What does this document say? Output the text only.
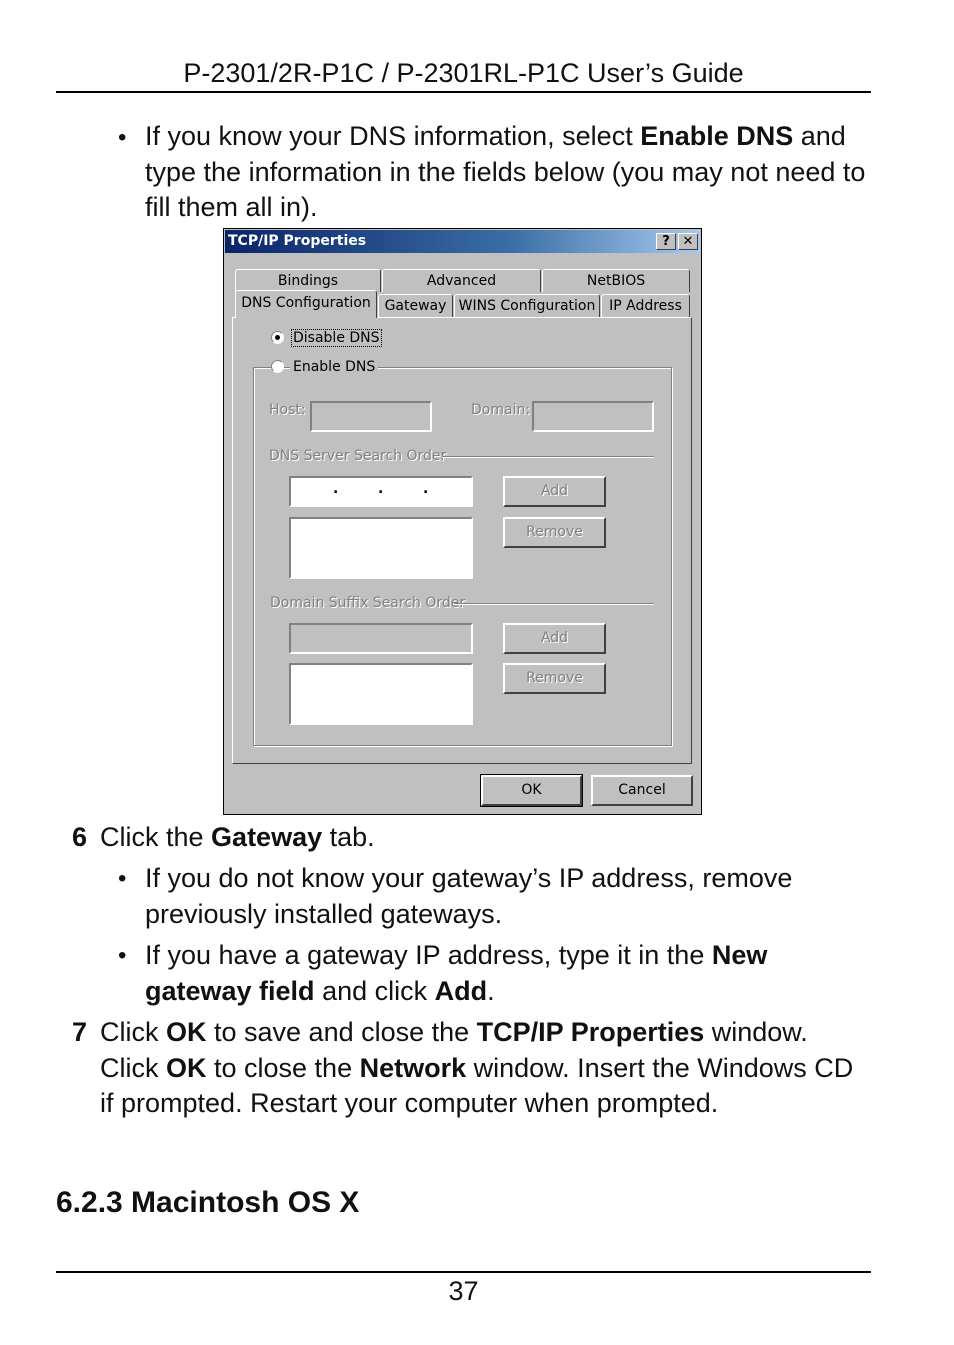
P-2301/2R-P1C / P-2301RL-P1C User’s Guide
• If you know your DNS information, select Enable DNS and type the information in the fields below (you may not need to fill them all in).
TCP/IP Properties	? ✕
Bindings	Advanced	NetBIOS
DNS Configuration Gateway WINS Configuration IP Address
Disable DNS
Enable DNS
Host:	Domain:
DNS Server Search Order
.	.	.	Add
Remove
Domain Suffix Search Order
Add
Remove
OK	Cancel
6 Click the Gateway tab.
• If you do not know your gateway’s IP address, remove previously installed gateways.
• If you have a gateway IP address, type it in the New gateway field and click Add.
7 Click OK to save and close the TCP/IP Properties window. Click OK to close the Network window. Insert the Windows CD if prompted. Restart your computer when prompted.
6.2.3 Macintosh OS X
37
